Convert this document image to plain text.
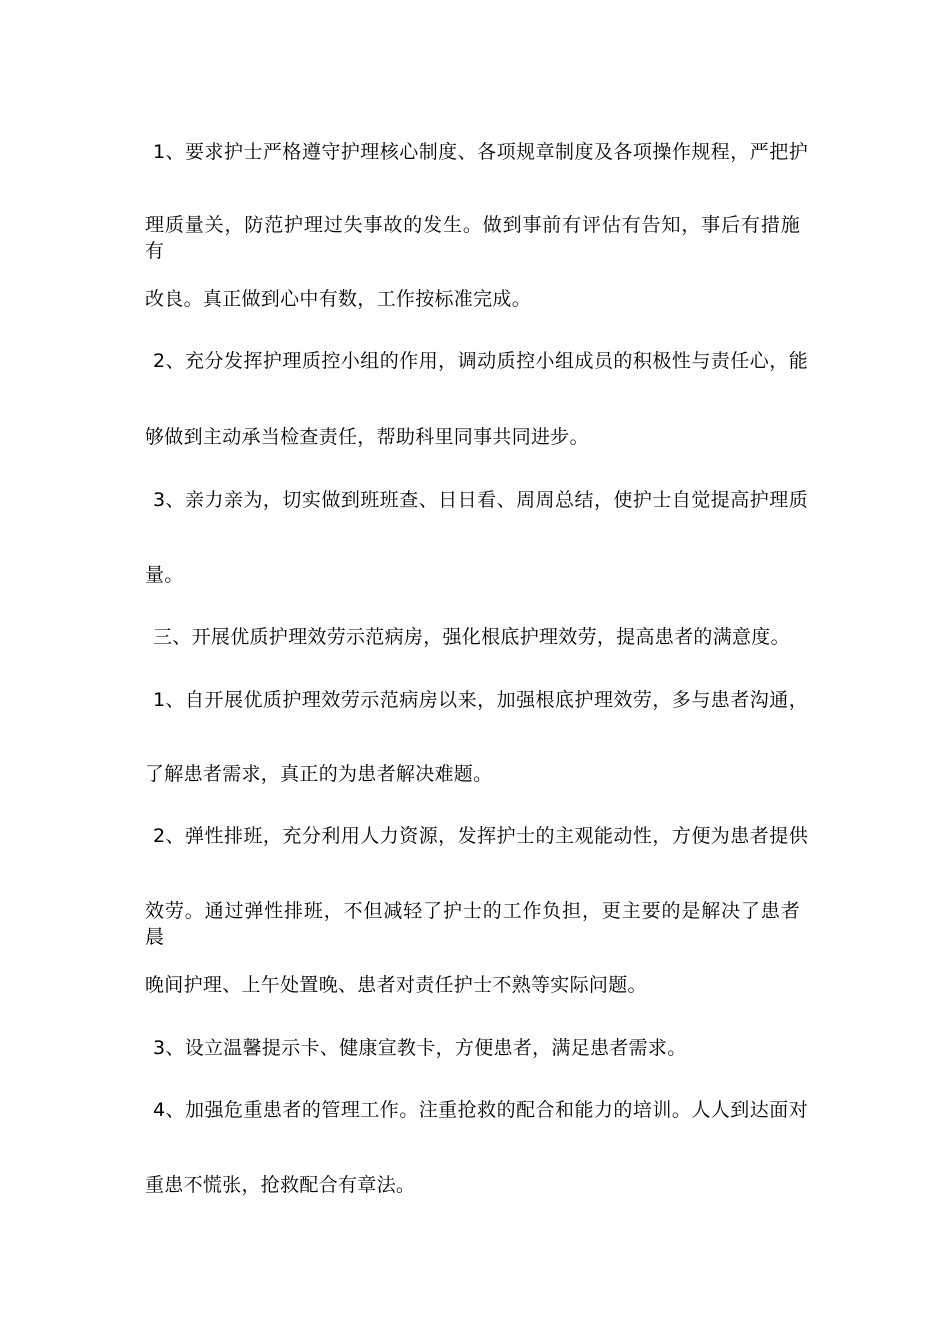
1、要求护士严格遵守护理核心制度、各项规章制度及各项操作规程，严把护
理质量关，防范护理过失事故的发生。做到事前有评估有告知，事后有措施有
改良。真正做到心中有数，工作按标准完成。
2、充分发挥护理质控小组的作用，调动质控小组成员的积极性与责任心，能
够做到主动承当检查责任，帮助科里同事共同进步。
3、亲力亲为，切实做到班班查、日日看、周周总结，使护士自觉提高护理质
量。
三、开展优质护理效劳示范病房，强化根底护理效劳，提高患者的满意度。
1、自开展优质护理效劳示范病房以来，加强根底护理效劳，多与患者沟通，
了解患者需求，真正的为患者解决难题。
2、弹性排班，充分利用人力资源，发挥护士的主观能动性，方便为患者提供
效劳。通过弹性排班，不但减轻了护士的工作负担，更主要的是解决了患者晨
晚间护理、上午处置晚、患者对责任护士不熟等实际问题。
3、设立温馨提示卡、健康宣教卡，方便患者，满足患者需求。
4、加强危重患者的管理工作。注重抢救的配合和能力的培训。人人到达面对
重患不慌张，抢救配合有章法。
